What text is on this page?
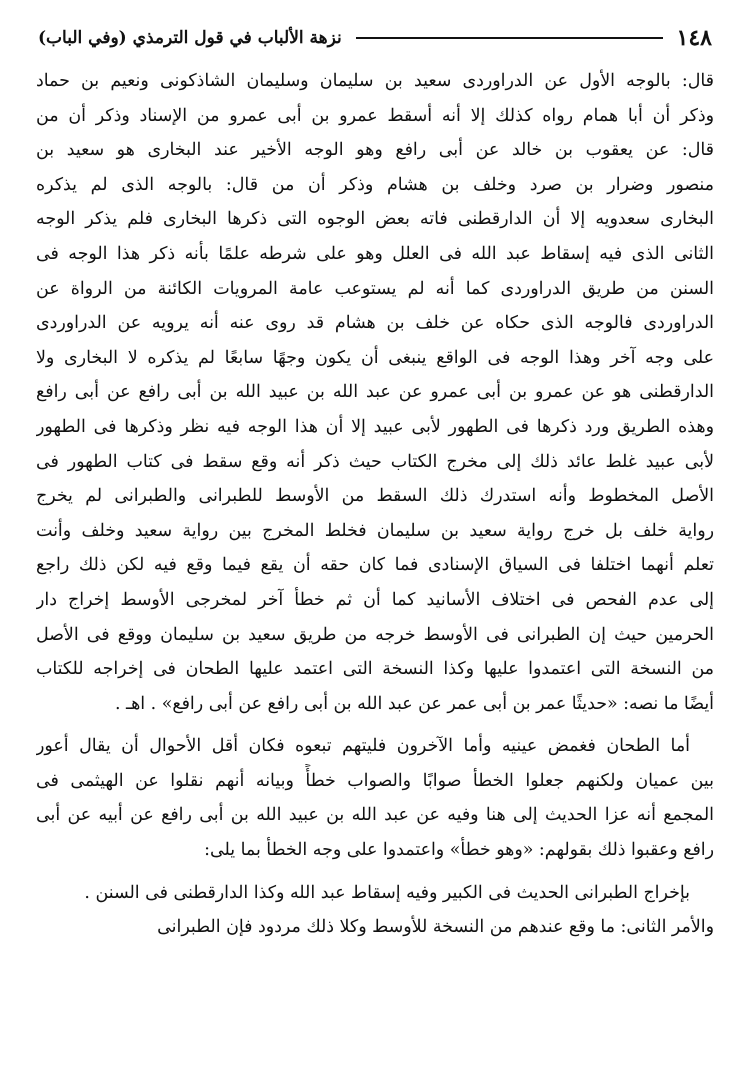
١٤٨
نزهة الألباب في قول الترمذي (وفي الباب)
قال: بالوجه الأول عن الدراوردى سعيد بن سليمان وسليمان الشاذكونى ونعيم بن حماد
وذكر أن أبا همام رواه كذلك إلا أنه أسقط عمرو بن أبى عمرو من الإسناد وذكر أن من
قال: عن يعقوب بن خالد عن أبى رافع وهو الوجه الأخير عند البخارى هو سعيد بن
منصور وضرار بن صرد وخلف بن هشام وذكر أن من قال: بالوجه الذى لم يذكره
البخارى سعدويه إلا أن الدارقطنى فاته بعض الوجوه التى ذكرها البخارى فلم يذكر الوجه
الثانى الذى فيه إسقاط عبد الله فى العلل وهو على شرطه علمًا بأنه ذكر هذا الوجه فى
السنن من طريق الدراوردى كما أنه لم يستوعب عامة المرويات الكائنة من الرواة عن
الدراوردى فالوجه الذى حكاه عن خلف بن هشام قد روى عنه أنه يرويه عن الدراوردى
على وجه آخر وهذا الوجه فى الواقع ينبغى أن يكون وجهًا سابعًا لم يذكره لا البخارى ولا
الدارقطنى هو عن عمرو بن أبى عمرو عن عبد الله بن عبيد الله بن أبى رافع عن أبى رافع
وهذه الطريق ورد ذكرها فى الطهور لأبى عبيد إلا أن هذا الوجه فيه نظر وذكرها فى الطهور
لأبى عبيد غلط عائد ذلك إلى مخرج الكتاب حيث ذكر أنه وقع سقط فى كتاب الطهور فى
الأصل المخطوط وأنه استدرك ذلك السقط من الأوسط للطبرانى والطبرانى لم يخرج
رواية خلف بل خرج رواية سعيد بن سليمان فخلط المخرج بين رواية سعيد وخلف وأنت
تعلم أنهما اختلفا فى السياق الإسنادى فما كان حقه أن يقع فيما وقع فيه لكن ذلك راجع
إلى عدم الفحص فى اختلاف الأسانيد كما أن ثم خطأ آخر لمخرجى الأوسط إخراج دار
الحرمين حيث إن الطبرانى فى الأوسط خرجه من طريق سعيد بن سليمان ووقع فى الأصل
من النسخة التى اعتمدوا عليها وكذا النسخة التى اعتمد عليها الطحان فى إخراجه للكتاب
أيضًا ما نصه: «حديثًا عمر بن أبى عمر عن عبد الله بن أبى رافع عن أبى رافع» . اهـ .
أما الطحان فغمض عينيه وأما الآخرون فليتهم تبعوه فكان أقل الأحوال أن يقال أعور
بين عميان ولكنهم جعلوا الخطأ صوابًا والصواب خطأً وبيانه أنهم نقلوا عن الهيثمى فى
المجمع أنه عزا الحديث إلى هنا وفيه عن عبد الله بن عبيد الله بن أبى رافع عن أبيه عن أبى
رافع وعقبوا ذلك بقولهم: «وهو خطأ» واعتمدوا على وجه الخطأ بما يلى:
بإخراج الطبرانى الحديث فى الكبير وفيه إسقاط عبد الله وكذا الدارقطنى فى السنن .
والأمر الثانى: ما وقع عندهم من النسخة للأوسط وكلا ذلك مردود فإن الطبرانى
